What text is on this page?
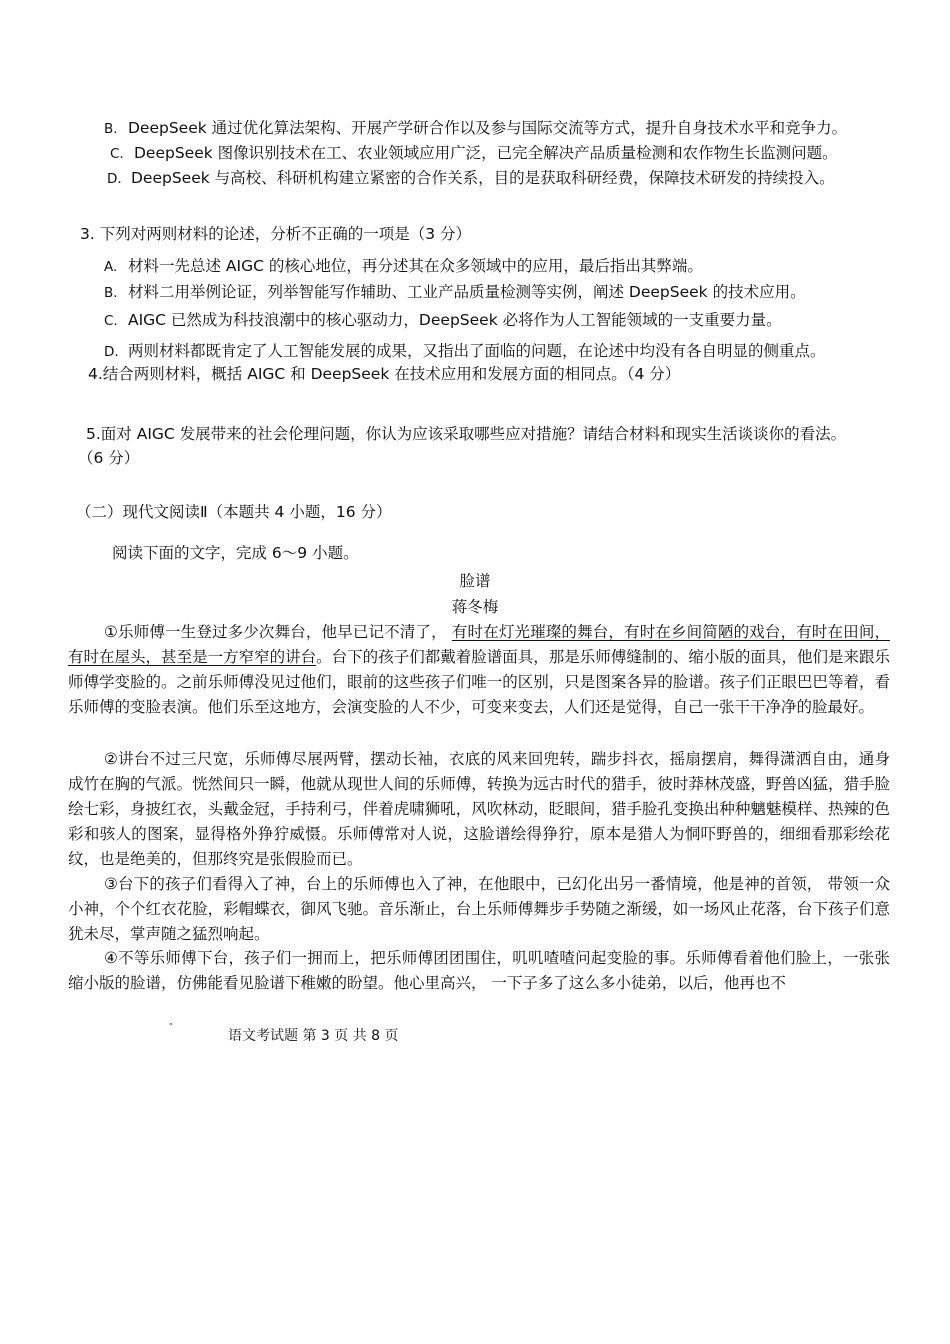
B. DeepSeek 通过优化算法架构、开展产学研合作以及参与国际交流等方式，提升自身技术水平和竞争力。
C. DeepSeek 图像识别技术在工、农业领域应用广泛，已完全解决产品质量检测和农作物生长监测问题。
D. DeepSeek 与高校、科研机构建立紧密的合作关系，目的是获取科研经费，保障技术研发的持续投入。
3. 下列对两则材料的论述，分析不正确的一项是（3 分）
A. 材料一先总述 AIGC 的核心地位，再分述其在众多领域中的应用，最后指出其弊端。
B. 材料二用举例论证，列举智能写作辅助、工业产品质量检测等实例，阐述 DeepSeek 的技术应用。
C. AIGC 已然成为科技浪潮中的核心驱动力，DeepSeek 必将作为人工智能领域的一支重要力量。
D. 两则材料都既肯定了人工智能发展的成果，又指出了面临的问题，在论述中均没有各自明显的侧重点。
4.结合两则材料，概括 AIGC 和 DeepSeek 在技术应用和发展方面的相同点。（4 分）
5.面对 AIGC 发展带来的社会伦理问题，你认为应该采取哪些应对措施？请结合材料和现实生活谈谈你的看法。
（6 分）
（二）现代文阅读Ⅱ（本题共 4 小题，16 分）
阅读下面的文字，完成 6～9 小题。
脸谱
蒋冬梅
①乐师傅一生登过多少次舞台，他早已记不清了， 有时在灯光璀璨的舞台，有时在乡间简陋的戏台，有时在田间，有时在屋头，甚至是一方窄窄的讲台。台下的孩子们都戴着脸谱面具，那是乐师傅缝制的、缩小版的面具，他们是来跟乐师傅学变脸的。之前乐师傅没见过他们，眼前的这些孩子们唯一的区别，只是图案各异的脸谱。孩子们正眼巴巴等着，看乐师傅的变脸表演。他们乐至这地方，会演变脸的人不少，可变来变去，人们还是觉得，自己一张干干净净的脸最好。
②讲台不过三尺宽，乐师傅尽展两臂，摆动长袖，衣底的风来回兜转，踹步抖衣，摇扇摆肩，舞得潇洒自由，通身成竹在胸的气派。恍然间只一瞬，他就从现世人间的乐师傅，转换为远古时代的猎手，彼时莽林茂盛，野兽凶猛，猎手脸绘七彩，身披红衣，头戴金冠，手持利弓，伴着虎啸狮吼，风吹林动，眨眼间，猎手脸孔变换出种种魑魅模样、热辣的色彩和骇人的图案，显得格外狰狞威慑。乐师傅常对人说，这脸谱绘得狰狞，原本是猎人为恫吓野兽的，细细看那彩绘花纹，也是绝美的，但那终究是张假脸而已。
③台下的孩子们看得入了神，台上的乐师傅也入了神，在他眼中，已幻化出另一番情境，他是神的首领， 带领一众小神，个个红衣花脸，彩帽蝶衣，御风飞驰。音乐渐止，台上乐师傅舞步手势随之渐缓，如一场风止花落，台下孩子们意犹未尽，掌声随之猛烈响起。
④不等乐师傅下台，孩子们一拥而上，把乐师傅团团围住，叽叽喳喳问起变脸的事。乐师傅看着他们脸上，一张张缩小版的脸谱，仿佛能看见脸谱下稚嫩的盼望。他心里高兴， 一下子多了这么多小徒弟，以后，他再也不
"
语文考试题 第 3 页 共 8 页
